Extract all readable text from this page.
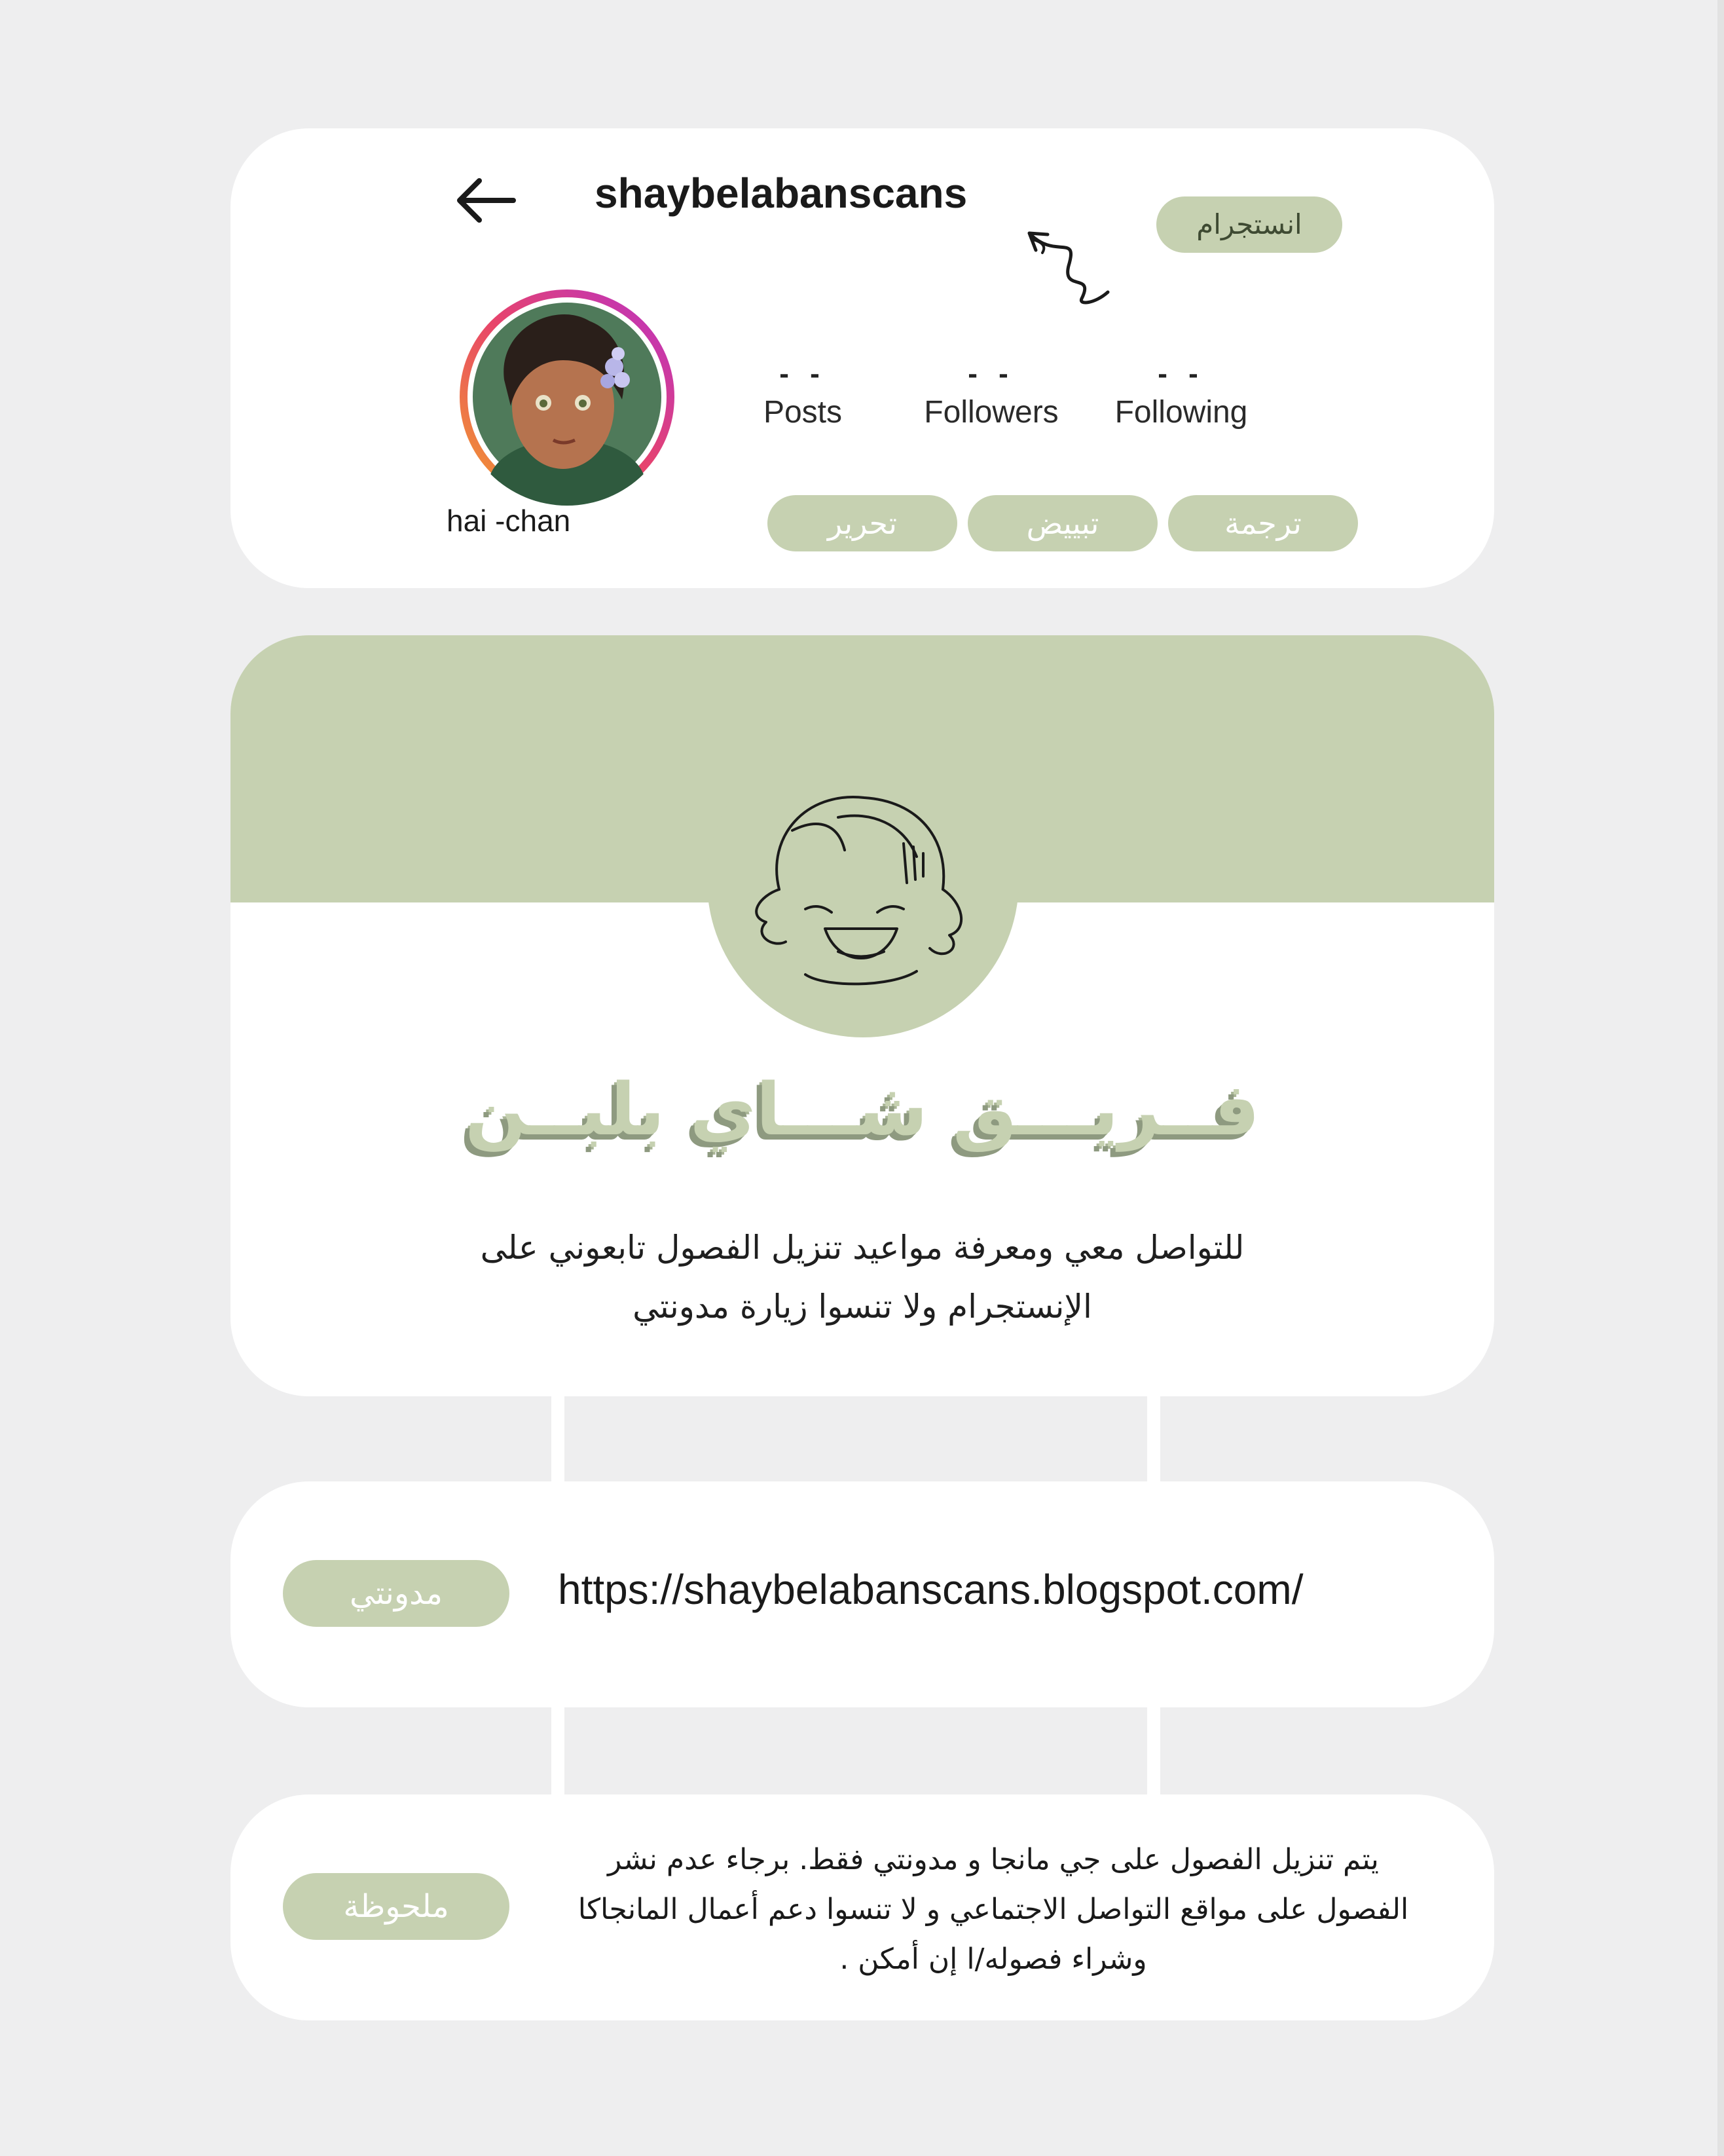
shaybelabanscans
انستجرام
hai -chan
- -
Posts
- -
Followers
- -
Following
تحرير	تبييض	ترجمة
فــريـــق شـــاي بلبــن
للتواصل معي ومعرفة مواعيد تنزيل الفصول تابعوني على
الإنستجرام ولا تنسوا زيارة مدونتي
مدونتي	https://shaybelabanscans.blogspot.com/
ملحوظة
يتم تنزيل الفصول على جي مانجا و مدونتي فقط. برجاء عدم نشر
الفصول على مواقع التواصل الاجتماعي و لا تنسوا دعم أعمال المانجاكا
وشراء فصوله/ا إن أمكن .
